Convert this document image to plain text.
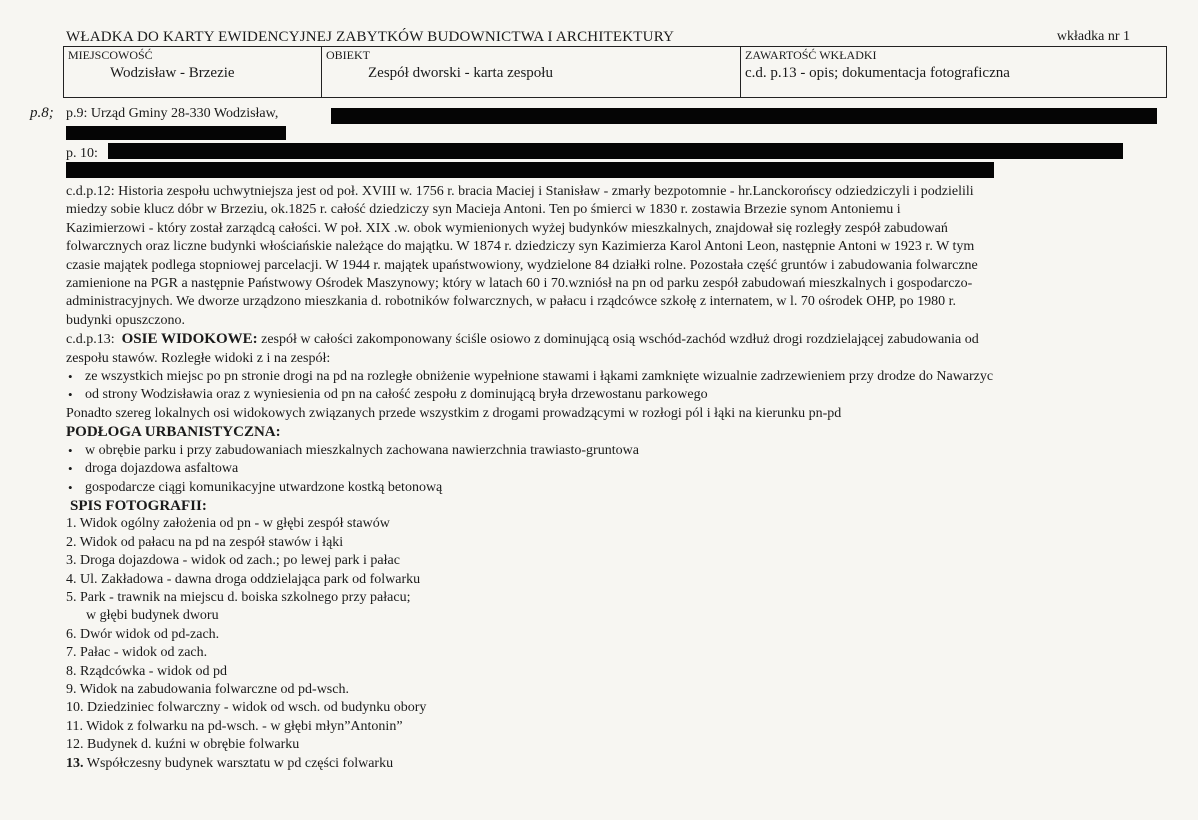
WŁADKA DO KARTY EWIDENCYJNEJ ZABYTKÓW BUDOWNICTWA I ARCHITEKTURY	wkładka nr 1
MIEJSCOWOŚĆ
Wodzisław - Brzezie
OBIEKT
Zespół dworski - karta zespołu
ZAWARTOŚĆ WKŁADKI
c.d. p.13 - opis; dokumentacja fotograficzna
p.8; p.9: Urząd Gminy 28-330 Wodzisław,
p. 10:

c.d.p.12: Historia zespołu uchwytniejsza jest od poł. XVIII w. 1756 r. bracia Maciej i Stanisław - zmarły bezpotomnie - hr.Lanckorońscy odziedziczyli i podzielili

miedzy sobie klucz dóbr w Brzeziu, ok.1825 r. całość dziedziczy syn Macieja Antoni. Ten po śmierci w 1830 r. zostawia Brzezie synom Antoniemu i

Kazimierzowi - który został zarządcą całości. W poł. XIX .w. obok wymienionych wyżej budynków mieszkalnych, znajdował się rozległy zespół zabudowań

folwarcznych oraz liczne budynki włościańskie należące do majątku. W 1874 r. dziedziczy syn Kazimierza Karol Antoni Leon, następnie Antoni w 1923 r. W tym

czasie majątek podlega stopniowej parcelacji. W 1944 r. majątek upaństwowiony, wydzielone 84 działki rolne. Pozostała część gruntów i zabudowania folwarczne

zamienione na PGR a następnie Państwowy Ośrodek Maszynowy; który w latach 60 i 70.wzniósł na pn od parku zespół zabudowań mieszkalnych i gospodarczo-

administracyjnych. We dworze urządzono mieszkania d. robotników folwarcznych, w pałacu i rządcówce szkołę z internatem, w l. 70 ośrodek OHP, po 1980 r.

budynki opuszczono.

c.d.p.13: OSIE WIDOKOWE: zespół w całości zakomponowany ściśle osiowo z dominującą osią wschód-zachód wzdłuż drogi rozdzielającej zabudowania od

zespołu stawów. Rozległe widoki z i na zespół:

• ze wszystkich miejsc po pn stronie drogi na pd na rozległe obniżenie wypełnione stawami i łąkami zamknięte wizualnie zadrzewieniem przy drodze do Nawarzyc
• od strony Wodzisławia oraz z wyniesienia od pn na całość zespołu z dominującą bryła drzewostanu parkowego

Ponadto szereg lokalnych osi widokowych związanych przede wszystkim z drogami prowadzącymi w rozłogi pól i łąki na kierunku pn-pd

PODŁOGA URBANISTYCZNA:

• w obrębie parku i przy zabudowaniach mieszkalnych zachowana nawierzchnia trawiasto-gruntowa
• droga dojazdowa asfaltowa
• gospodarcze ciągi komunikacyjne utwardzone kostką betonową

SPIS FOTOGRAFII:

1. Widok ogólny założenia od pn - w głębi zespół stawów
2. Widok od pałacu na pd na zespół stawów i łąki
3. Droga dojazdowa - widok od zach.; po lewej park i pałac
4. Ul. Zakładowa - dawna droga oddzielająca park od folwarku
5. Park - trawnik na miejscu d. boiska szkolnego przy pałacu;
w głębi budynek dworu
6. Dwór widok od pd-zach.
7. Pałac - widok od zach.
8. Rządcówka - widok od pd
9. Widok na zabudowania folwarczne od pd-wsch.
10. Dziedziniec folwarczny - widok od wsch. od budynku obory
11. Widok z folwarku na pd-wsch. - w głębi młyn”Antonin”
12. Budynek d. kuźni w obrębie folwarku
13. Współczesny budynek warsztatu w pd części folwarku
